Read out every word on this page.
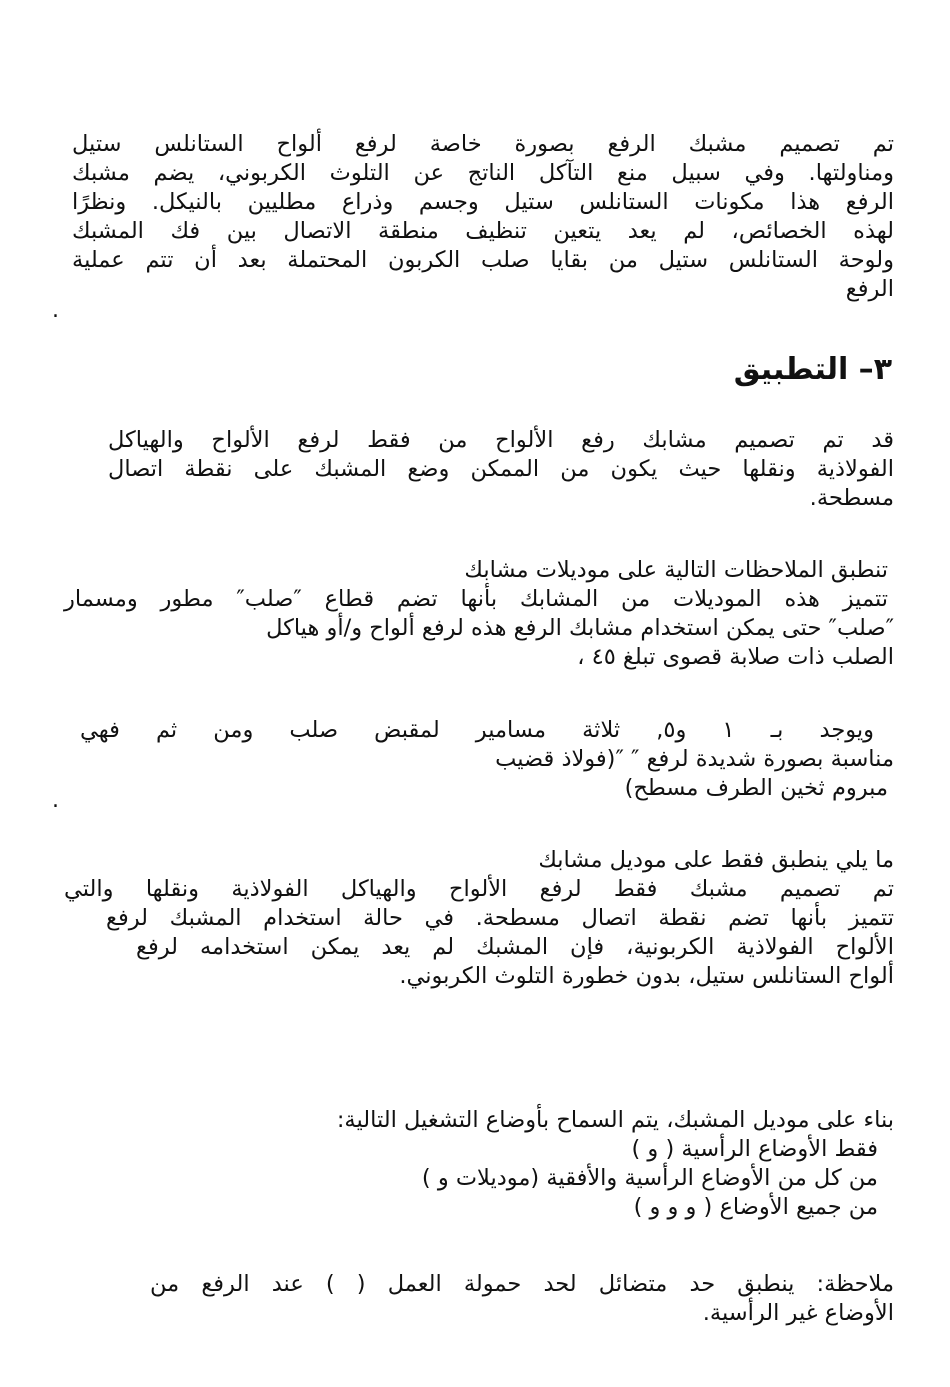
تم تصميم مشبك الرفع بصورة خاصة لرفع ألواح الستانلس ستيل
ومناولتها. وفي سبيل منع التآكل الناتج عن التلوث الكربوني، يضم مشبك
الرفع هذا مكونات الستانلس ستيل وجسم وذراع مطليين بالنيكل. ونظرًا
لهذه الخصائص، لم يعد يتعين تنظيف منطقة الاتصال بين فك المشبك
ولوحة الستانلس ستيل من بقايا صلب الكربون المحتملة بعد أن تتم عملية
الرفع
.
٣– التطبيق
قد تم تصميم مشابك رفع الألواح من فقط لرفع الألواح والهياكل
الفولاذية ونقلها حيث يكون من الممكن وضع المشبك على نقطة اتصال
مسطحة.
تنطبق الملاحظات التالية على موديلات مشابك
تتميز هذه الموديلات من المشابك بأنها تضم قطاع ″صلب″ مطور ومسمار
″صلب″ حتى يمكن استخدام مشابك الرفع هذه لرفع ألواح و/أو هياكل
الصلب ذات صلابة قصوى تبلغ ٤٥ ،
ويوجد بـ ١ و٥, ثلاثة مسامير لمقبض صلب ومن ثم فهي
مناسبة بصورة شديدة لرفع ″ ″(فولاذ قضيب
مبروم ثخين الطرف مسطح)
.
ما يلي ينطبق فقط على موديل مشابك
تم تصميم مشبك فقط لرفع الألواح والهياكل الفولاذية ونقلها والتي
تتميز بأنها تضم نقطة اتصال مسطحة. في حالة استخدام المشبك لرفع
الألواح الفولاذية الكربونية، فإن المشبك لم يعد يمكن استخدامه لرفع
ألواح الستانلس ستيل، بدون خطورة التلوث الكربوني.
بناء على موديل المشبك، يتم السماح بأوضاع التشغيل التالية:
فقط الأوضاع الرأسية ( و )
من كل من الأوضاع الرأسية والأفقية (موديلات و )
من جميع الأوضاع ( و و و )
ملاحظة: ينطبق حد متضائل لحد حمولة العمل ( ) عند الرفع من
الأوضاع غير الرأسية.
